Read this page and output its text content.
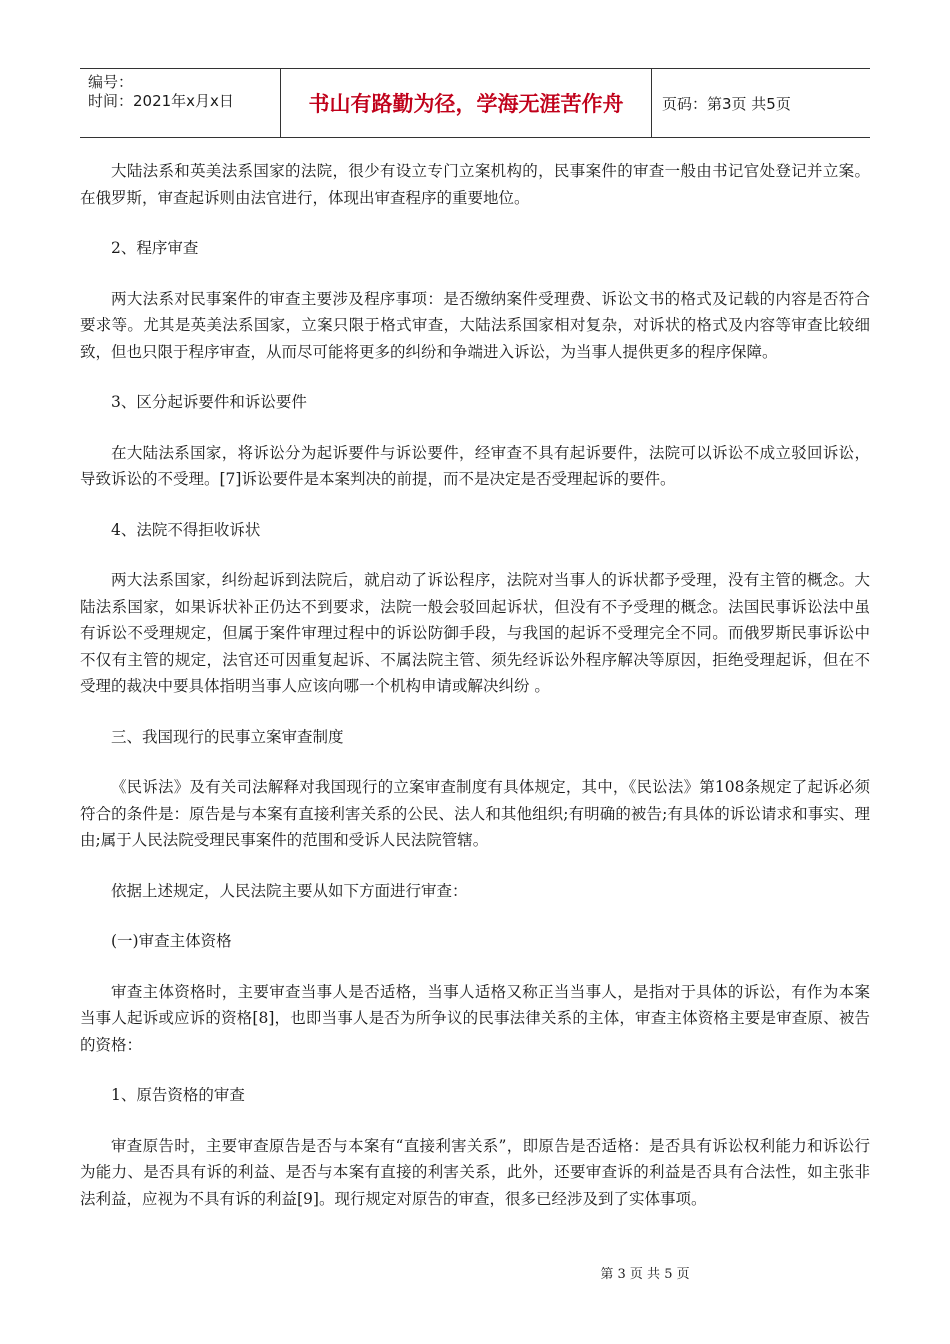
编号：
时间：2021年x月x日	书山有路勤为径，学海无涯苦作舟	页码：第3页 共5页

大陆法系和英美法系国家的法院，很少有设立专门立案机构的，民事案件的审查一般由书记官处登记并立案。在俄罗斯，审查起诉则由法官进行，体现出审查程序的重要地位。

2、程序审查

两大法系对民事案件的审查主要涉及程序事项：是否缴纳案件受理费、诉讼文书的格式及记载的内容是否符合要求等。尤其是英美法系国家，立案只限于格式审查，大陆法系国家相对复杂，对诉状的格式及内容等审查比较细致，但也只限于程序审查，从而尽可能将更多的纠纷和争端进入诉讼，为当事人提供更多的程序保障。

3、区分起诉要件和诉讼要件

在大陆法系国家，将诉讼分为起诉要件与诉讼要件，经审查不具有起诉要件，法院可以诉讼不成立驳回诉讼，导致诉讼的不受理。[7]诉讼要件是本案判决的前提，而不是决定是否受理起诉的要件。

4、法院不得拒收诉状

两大法系国家，纠纷起诉到法院后，就启动了诉讼程序，法院对当事人的诉状都予受理，没有主管的概念。大陆法系国家，如果诉状补正仍达不到要求，法院一般会驳回起诉状，但没有不予受理的概念。法国民事诉讼法中虽有诉讼不受理规定，但属于案件审理过程中的诉讼防御手段，与我国的起诉不受理完全不同。而俄罗斯民事诉讼中不仅有主管的规定，法官还可因重复起诉、不属法院主管、须先经诉讼外程序解决等原因，拒绝受理起诉，但在不受理的裁决中要具体指明当事人应该向哪一个机构申请或解决纠纷 。

三、我国现行的民事立案审查制度

《民诉法》及有关司法解释对我国现行的立案审查制度有具体规定，其中，《民讼法》第108条规定了起诉必须符合的条件是：原告是与本案有直接利害关系的公民、法人和其他组织;有明确的被告;有具体的诉讼请求和事实、理由;属于人民法院受理民事案件的范围和受诉人民法院管辖。

依据上述规定，人民法院主要从如下方面进行审查：

(一)审查主体资格

审查主体资格时，主要审查当事人是否适格，当事人适格又称正当当事人，是指对于具体的诉讼，有作为本案当事人起诉或应诉的资格[8]，也即当事人是否为所争议的民事法律关系的主体，审查主体资格主要是审查原、被告的资格：

1、原告资格的审查

审查原告时，主要审查原告是否与本案有“直接利害关系”，即原告是否适格：是否具有诉讼权利能力和诉讼行为能力、是否具有诉的利益、是否与本案有直接的利害关系，此外，还要审查诉的利益是否具有合法性，如主张非法利益，应视为不具有诉的利益[9]。现行规定对原告的审查，很多已经涉及到了实体事项。

第 3 页 共 5 页
